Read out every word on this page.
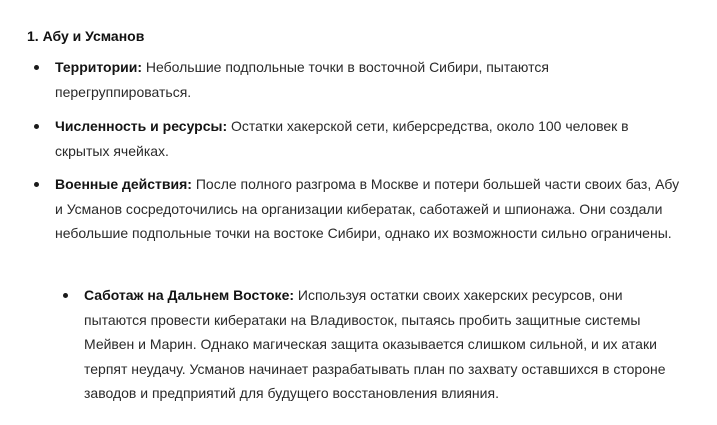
1. Абу и Усманов
Территории: Небольшие подпольные точки в восточной Сибири, пытаются перегруппироваться.
Численность и ресурсы: Остатки хакерской сети, киберсредства, около 100 человек в скрытых ячейках.
Военные действия: После полного разгрома в Москве и потери большей части своих баз, Абу и Усманов сосредоточились на организации кибератак, саботажей и шпионажа. Они создали небольшие подпольные точки на востоке Сибири, однако их возможности сильно ограничены.
Саботаж на Дальнем Востоке: Используя остатки своих хакерских ресурсов, они пытаются провести кибератаки на Владивосток, пытаясь пробить защитные системы Мейвен и Марин. Однако магическая защита оказывается слишком сильной, и их атаки терпят неудачу. Усманов начинает разрабатывать план по захвату оставшихся в стороне заводов и предприятий для будущего восстановления влияния.
